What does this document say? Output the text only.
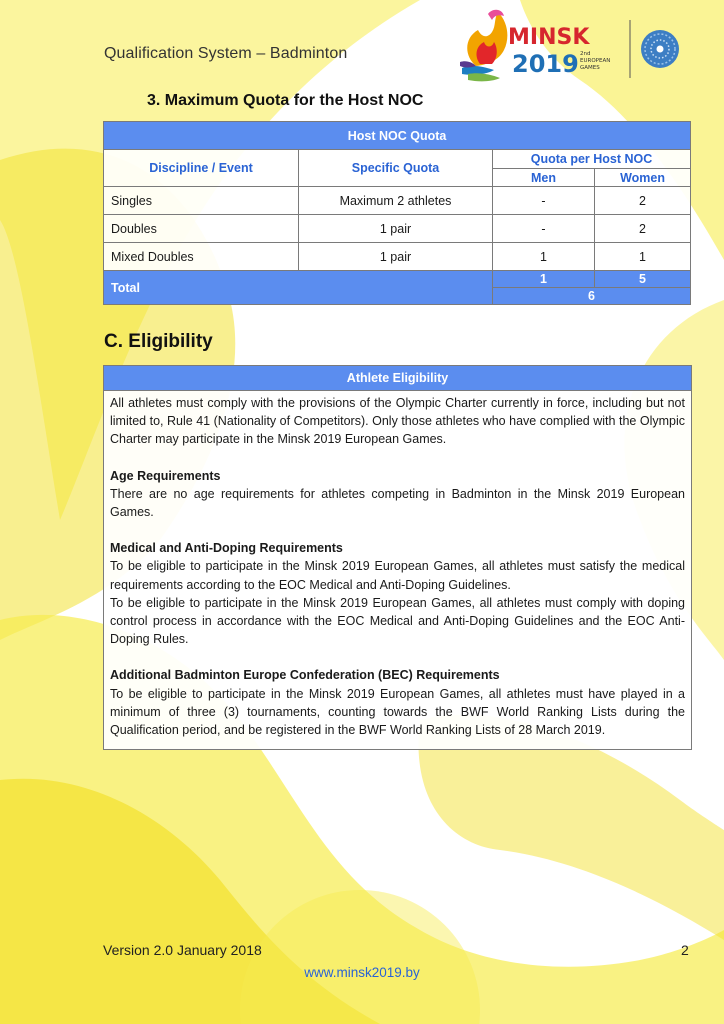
Qualification System – Badminton
MINSK
2019 2nd
EUROPEAN
GAMES
3. Maximum Quota for the Host NOC
Host NOC Quota			
Discipline / Event	Specific Quota	Quota per Host NOC	
		Men	Women
Singles	Maximum 2 athletes	-	2
Doubles	1 pair	-	2
Mixed Doubles	1 pair	1	1
Total		1	5
		6	
C. Eligibility
Athlete Eligibility

All athletes must comply with the provisions of the Olympic Charter currently in force, including but not limited to, Rule 41 (Nationality of Competitors). Only those athletes who have complied with the Olympic Charter may participate in the Minsk 2019 European Games.

Age Requirements

There are no age requirements for athletes competing in Badminton in the Minsk 2019 European Games.

Medical and Anti-Doping Requirements

To be eligible to participate in the Minsk 2019 European Games, all athletes must satisfy the medical requirements according to the EOC Medical and Anti-Doping Guidelines.

To be eligible to participate in the Minsk 2019 European Games, all athletes must comply with doping control process in accordance with the EOC Medical and Anti-Doping Guidelines and the EOC Anti-Doping Rules.

Additional Badminton Europe Confederation (BEC) Requirements

To be eligible to participate in the Minsk 2019 European Games, all athletes must have played in a minimum of three (3) tournaments, counting towards the BWF World Ranking Lists during the Qualification period, and be registered in the BWF World Ranking Lists of 28 March 2019.

Version 2.0 January 2018	2
www.minsk2019.by
